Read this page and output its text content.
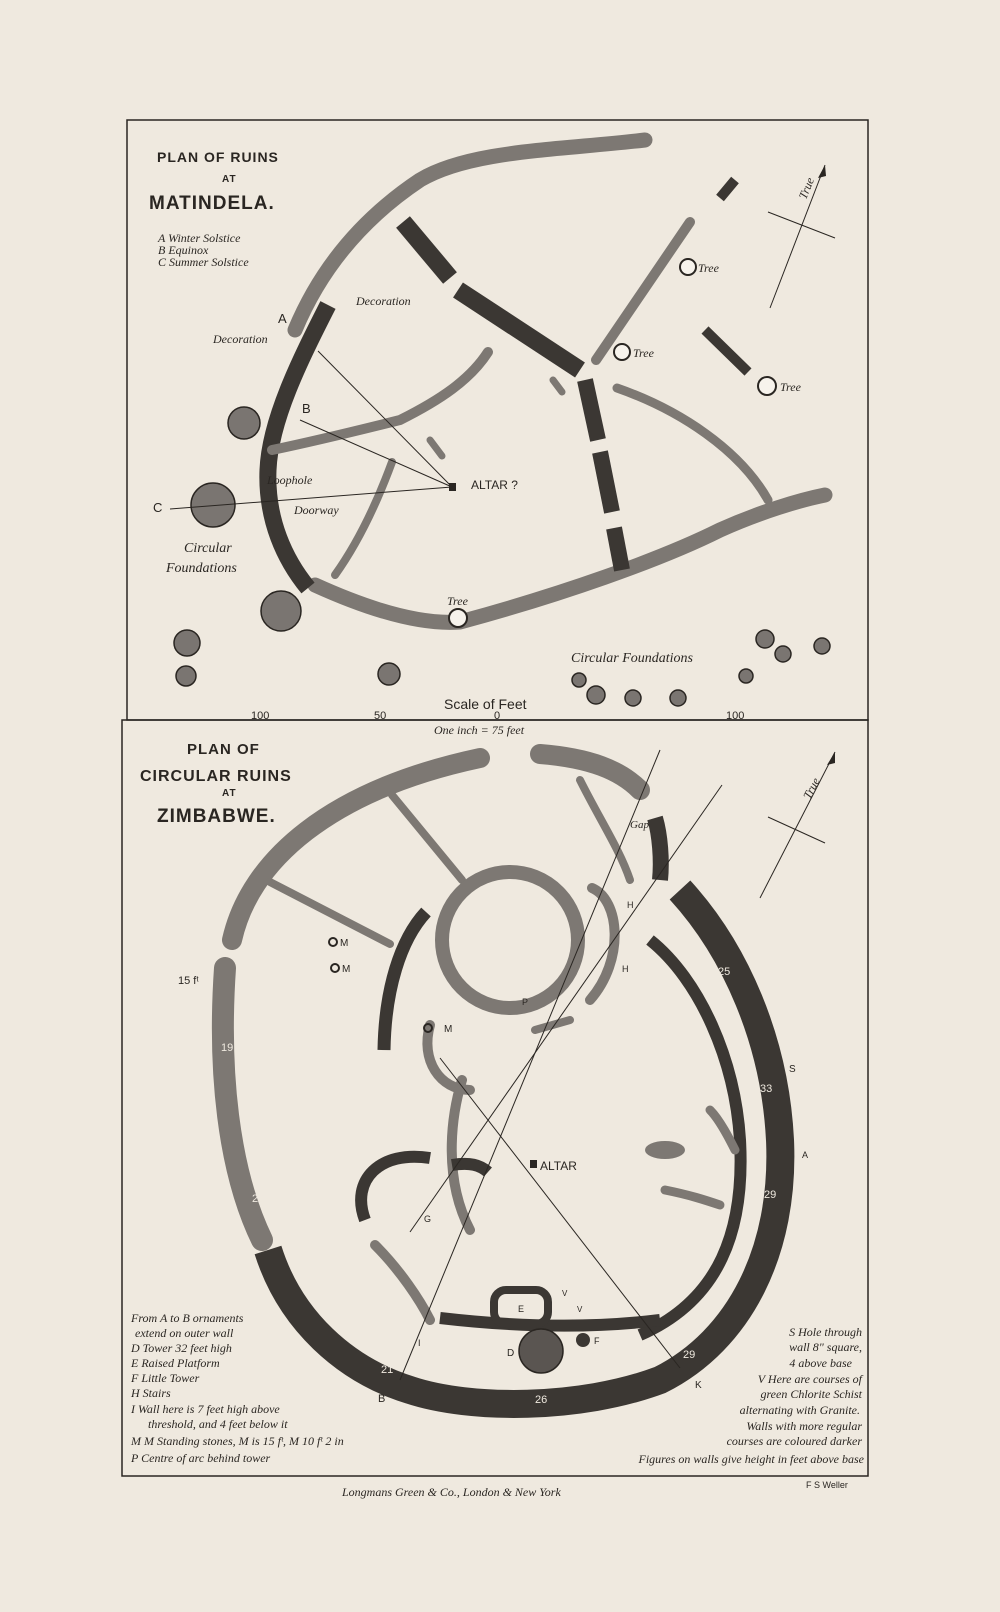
PLAN OF RUINS
AT
MATINDELA.
A Winter Solstice
B Equinox
C Summer Solstice	Tree
Tree
Tree
Tree
A
B
C
Decoration
Decoration
Loophole
Doorway
ALTAR ?
Circular
Foundations
Circular Foundations
True
Scale of Feet
One inch = 75 feet
100	50	0	100
PLAN OF
CIRCULAR RUINS
AT
ZIMBABWE.
25
33
29
29
26
21
20
19
Gap
ALTAR
15 fᵗ
M
M
M
S
A
B
K
H
H
P
G
E
D
F
I
V
V
True
From A to B ornaments
extend on outer wall
D Tower 32 feet high
E Raised Platform
F Little Tower
H Stairs
I Wall here is 7 feet high above
threshold, and 4 feet below it
M M Standing stones, M is 15 fᵗ, M 10 fᵗ 2 in
P Centre of arc behind tower
S Hole through
wall 8" square,
4 above base
V Here are courses of
green Chlorite Schist
alternating with Granite.
Walls with more regular
courses are coloured darker
Figures on walls give height in feet above base
F S Weller
Longmans Green & Co., London & New York
